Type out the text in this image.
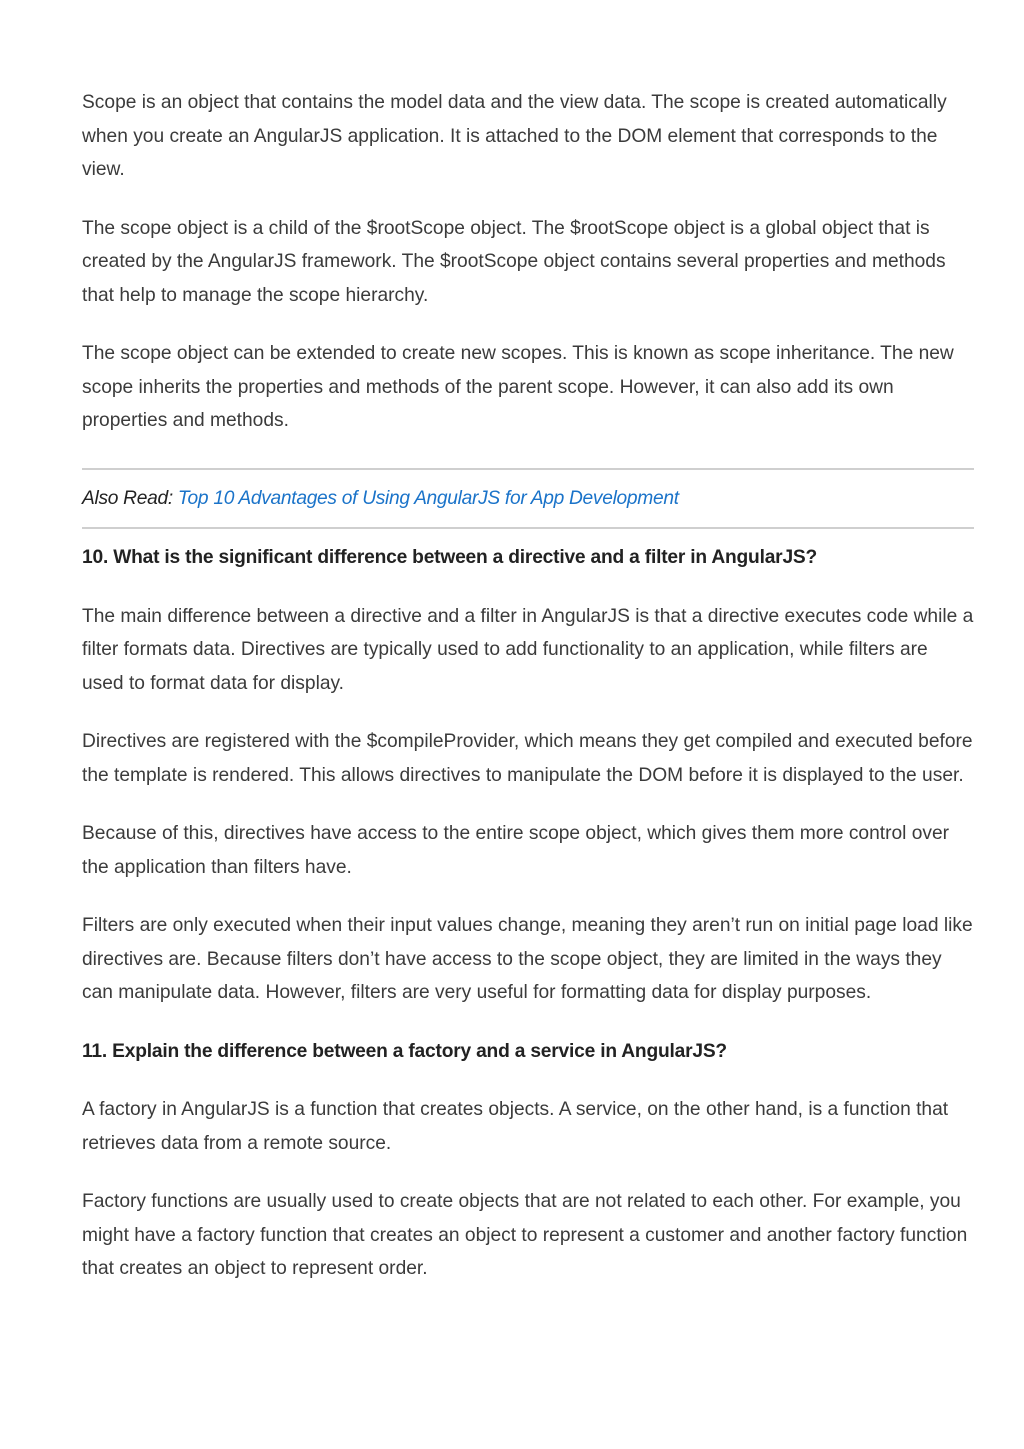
Scope is an object that contains the model data and the view data. The scope is created automatically when you create an AngularJS application. It is attached to the DOM element that corresponds to the view.

The scope object is a child of the $rootScope object. The $rootScope object is a global object that is created by the AngularJS framework. The $rootScope object contains several properties and methods that help to manage the scope hierarchy.

The scope object can be extended to create new scopes. This is known as scope inheritance. The new scope inherits the properties and methods of the parent scope. However, it can also add its own properties and methods.

Also Read: Top 10 Advantages of Using AngularJS for App Development
10. What is the significant difference between a directive and a filter in AngularJS?

The main difference between a directive and a filter in AngularJS is that a directive executes code while a filter formats data. Directives are typically used to add functionality to an application, while filters are used to format data for display.

Directives are registered with the $compileProvider, which means they get compiled and executed before the template is rendered. This allows directives to manipulate the DOM before it is displayed to the user.

Because of this, directives have access to the entire scope object, which gives them more control over the application than filters have.

Filters are only executed when their input values change, meaning they aren’t run on initial page load like directives are. Because filters don’t have access to the scope object, they are limited in the ways they can manipulate data. However, filters are very useful for formatting data for display purposes.

11. Explain the difference between a factory and a service in AngularJS?

A factory in AngularJS is a function that creates objects. A service, on the other hand, is a function that retrieves data from a remote source.

Factory functions are usually used to create objects that are not related to each other. For example, you might have a factory function that creates an object to represent a customer and another factory function that creates an object to represent order.
